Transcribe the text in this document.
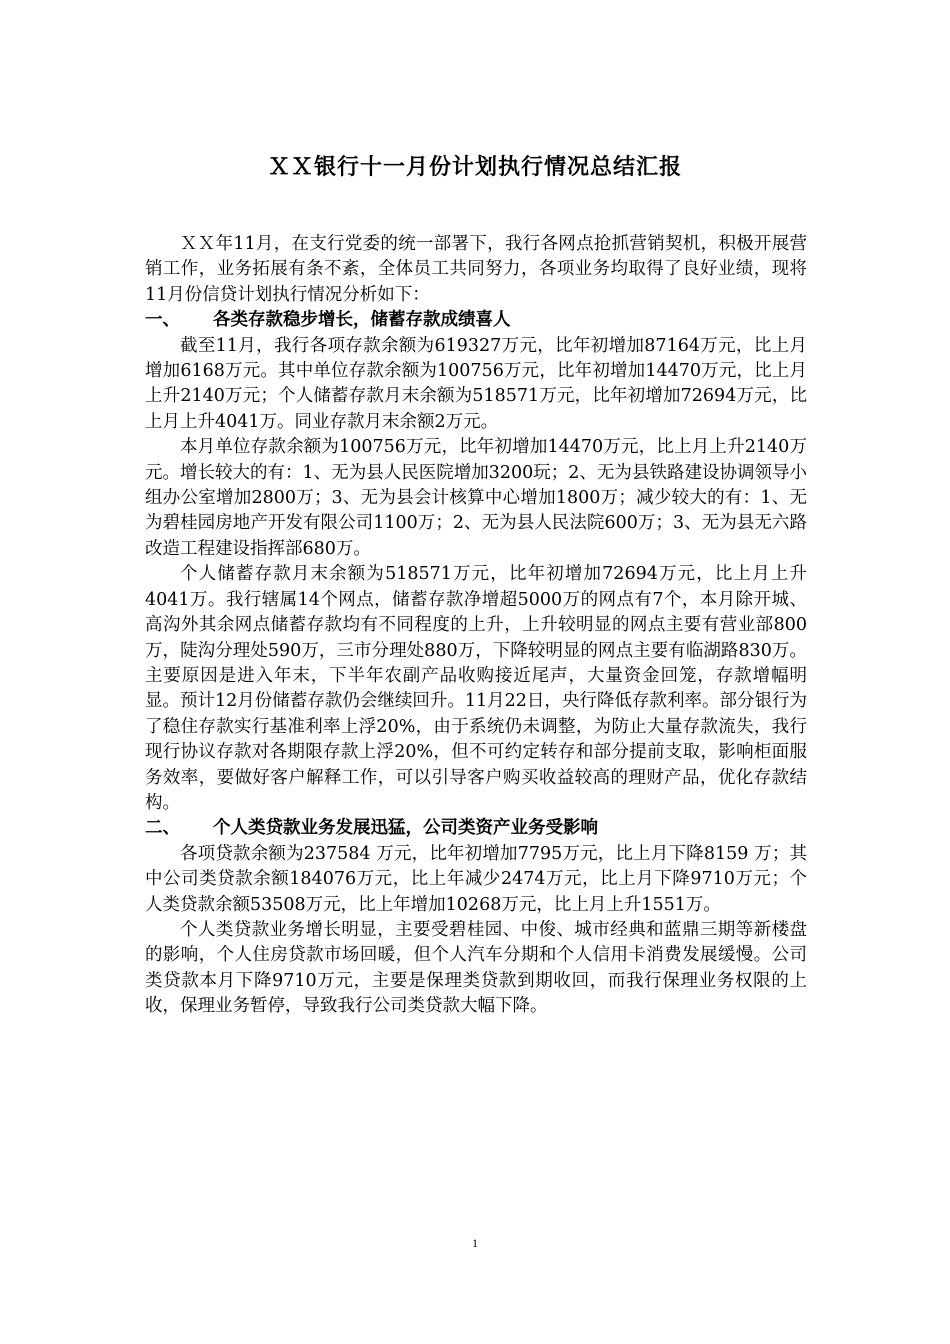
ＸＸ银行十一月份计划执行情况总结汇报

ＸＸ年11月，在支行党委的统一部署下，我行各网点抢抓营销契机，积极开展营销工作，业务拓展有条不紊，全体员工共同努力，各项业务均取得了良好业绩，现将11月份信贷计划执行情况分析如下：

一、	各类存款稳步增长，储蓄存款成绩喜人

截至11月，我行各项存款余额为619327万元，比年初增加87164万元，比上月增加6168万元。其中单位存款余额为100756万元，比年初增加14470万元，比上月上升2140万元；个人储蓄存款月末余额为518571万元，比年初增加72694万元，比上月上升4041万。同业存款月末余额2万元。

本月单位存款余额为100756万元，比年初增加14470万元，比上月上升2140万元。增长较大的有：1、无为县人民医院增加3200玩；2、无为县铁路建设协调领导小组办公室增加2800万；3、无为县会计核算中心增加1800万；减少较大的有：1、无为碧桂园房地产开发有限公司1100万；2、无为县人民法院600万；3、无为县无六路改造工程建设指挥部680万。

个人储蓄存款月末余额为518571万元，比年初增加72694万元，比上月上升4041万。我行辖属14个网点，储蓄存款净增超5000万的网点有7个，本月除开城、高沟外其余网点储蓄存款均有不同程度的上升，上升较明显的网点主要有营业部800万，陡沟分理处590万，三市分理处880万，下降较明显的网点主要有临湖路830万。主要原因是进入年末，下半年农副产品收购接近尾声，大量资金回笼，存款增幅明显。预计12月份储蓄存款仍会继续回升。11月22日，央行降低存款利率。部分银行为了稳住存款实行基准利率上浮20%，由于系统仍未调整，为防止大量存款流失，我行现行协议存款对各期限存款上浮20%，但不可约定转存和部分提前支取，影响柜面服务效率，要做好客户解释工作，可以引导客户购买收益较高的理财产品，优化存款结构。

二、	个人类贷款业务发展迅猛，公司类资产业务受影响

各项贷款余额为237584 万元，比年初增加7795万元，比上月下降8159 万；其中公司类贷款余额184076万元，比上年减少2474万元，比上月下降9710万元；个人类贷款余额53508万元，比上年增加10268万元，比上月上升1551万。

个人类贷款业务增长明显，主要受碧桂园、中俊、城市经典和蓝鼎三期等新楼盘的影响，个人住房贷款市场回暖，但个人汽车分期和个人信用卡消费发展缓慢。公司类贷款本月下降9710万元，主要是保理类贷款到期收回，而我行保理业务权限的上收，保理业务暂停，导致我行公司类贷款大幅下降。

1
